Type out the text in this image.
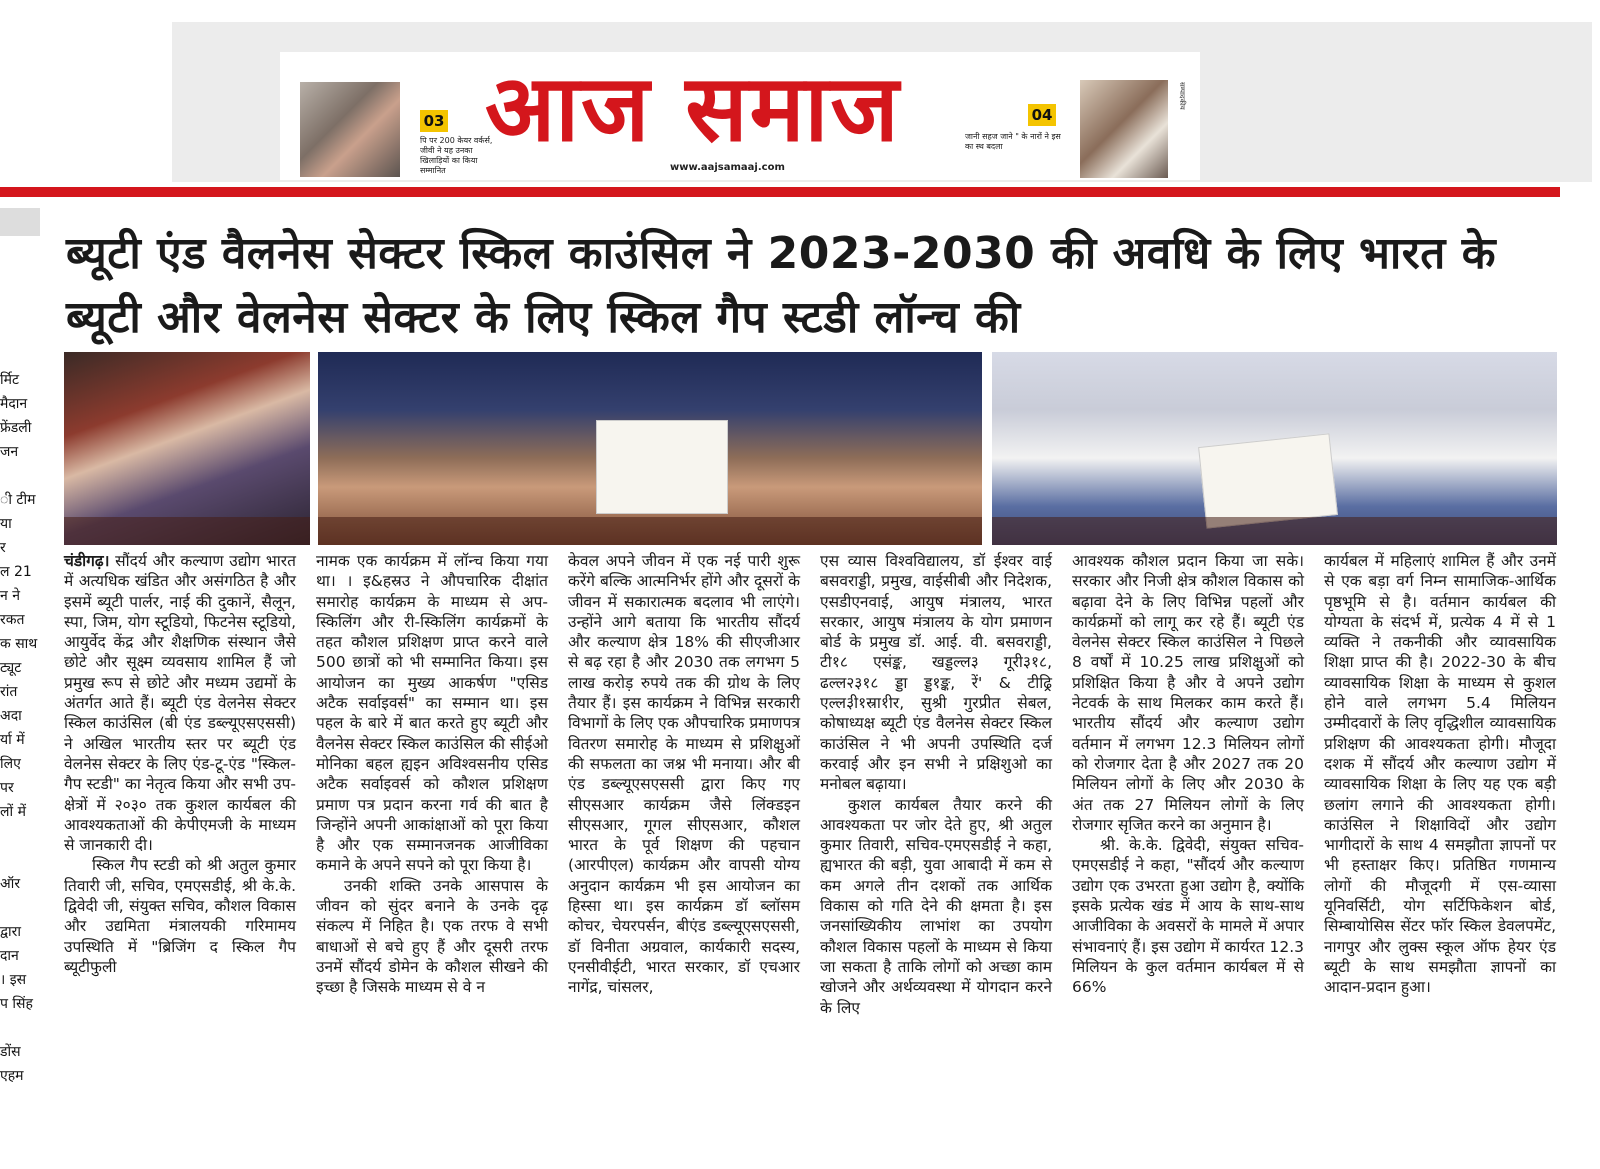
03
पि पर 200 केयर वर्कर्स, जीवी ने यह उनका खिलाड़ियों का किया सम्मानित
आज समाज
www.aajsamaaj.com
जानी सहज जाने " के नारों ने इस का स्थ बदला
04
सम्पादकीय
र्मिट
मैदान
फ्रेंडली
जन
ी टीम
या
र
ल 21
न ने
रकत
क साथ
ट्यूट
रांत
अदा
र्या में
लिए
पर
लों में
ऑर
द्वारा
दान
। इस
प सिंह
डोंस
एहम
ब्यूटी एंड वैलनेस सेक्टर स्किल काउंसिल ने 2023-2030 की अवधि के लिए भारत के ब्यूटी और वेलनेस सेक्टर के लिए स्किल गैप स्टडी लॉन्च की

चंडीगढ़। सौंदर्य और कल्याण उद्योग भारत में अत्यधिक खंडित और असंगठित है और इसमें ब्यूटी पार्लर, नाई की दुकानें, सैलून, स्पा, जिम, योग स्टूडियो, फिटनेस स्टूडियो, आयुर्वेद केंद्र और शैक्षणिक संस्थान जैसे छोटे और सूक्ष्म व्यवसाय शामिल हैं जो प्रमुख रूप से छोटे और मध्यम उद्यमों के अंतर्गत आते हैं। ब्यूटी एंड वेलनेस सेक्टर स्किल काउंसिल (बी एंड डब्ल्यूएसएससी) ने अखिल भारतीय स्तर पर ब्यूटी एंड वेलनेस सेक्टर के लिए एंड-टू-एंड "स्किल-गैप स्टडी" का नेतृत्व किया और सभी उप-क्षेत्रों में २०३० तक कुशल कार्यबल की आवश्यकताओं की केपीएमजी के माध्यम से जानकारी दी।

स्किल गैप स्टडी को श्री अतुल कुमार तिवारी जी, सचिव, एमएसडीई, श्री के.के. द्विवेदी जी, संयुक्त सचिव, कौशल विकास और उद्यमिता मंत्रालयकी गरिमामय उपस्थिति में "ब्रिजिंग द स्किल गैप ब्यूटीफुली

नामक एक कार्यक्रम में लॉन्च किया गया था। । इ&हस्रउ ने औपचारिक दीक्षांत समारोह कार्यक्रम के माध्यम से अप-स्किलिंग और री-स्किलिंग कार्यक्रमों के तहत कौशल प्रशिक्षण प्राप्त करने वाले 500 छात्रों को भी सम्मानित किया। इस आयोजन का मुख्य आकर्षण "एसिड अटैक सर्वाइवर्स" का सम्मान था। इस पहल के बारे में बात करते हुए ब्यूटी और वैलनेस सेक्टर स्किल काउंसिल की सीईओ मोनिका बहल ह्यइन अविश्वसनीय एसिड अटैक सर्वाइवर्स को कौशल प्रशिक्षण प्रमाण पत्र प्रदान करना गर्व की बात है जिन्होंने अपनी आकांक्षाओं को पूरा किया है और एक सम्मानजनक आजीविका कमाने के अपने सपने को पूरा किया है।

उनकी शक्ति उनके आसपास के जीवन को सुंदर बनाने के उनके दृढ़ संकल्प में निहित है। एक तरफ वे सभी बाधाओं से बचे हुए हैं और दूसरी तरफ उनमें सौंदर्य डोमेन के कौशल सीखने की इच्छा है जिसके माध्यम से वे न

केवल अपने जीवन में एक नई पारी शुरू करेंगे बल्कि आत्मनिर्भर होंगे और दूसरों के जीवन में सकारात्मक बदलाव भी लाएंगे। उन्होंने आगे बताया कि भारतीय सौंदर्य और कल्याण क्षेत्र 18% की सीएजीआर से बढ़ रहा है और 2030 तक लगभग 5 लाख करोड़ रुपये तक की ग्रोथ के लिए तैयार हैं। इस कार्यक्रम ने विभिन्न सरकारी विभागों के लिए एक औपचारिक प्रमाणपत्र वितरण समारोह के माध्यम से प्रशिक्षुओं की सफलता का जश्न भी मनाया। और बी एंड डब्ल्यूएसएससी द्वारा किए गए सीएसआर कार्यक्रम जैसे लिंक्डइन सीएसआर, गूगल सीएसआर, कौशल भारत के पूर्व शिक्षण की पहचान (आरपीएल) कार्यक्रम और वापसी योग्य अनुदान कार्यक्रम भी इस आयोजन का हिस्सा था। इस कार्यक्रम डॉ ब्लॉसम कोचर, चेयरपर्सन, बीएंड डब्ल्यूएसएससी, डॉ विनीता अग्रवाल, कार्यकारी सदस्य, एनसीवीईटी, भारत सरकार, डॉ एचआर नागेंद्र, चांसलर,

एस व्यास विश्वविद्यालय, डॉ ईश्वर वाई बसवराड्डी, प्रमुख, वाईसीबी और निदेशक, एसडीएनवाई, आयुष मंत्रालय, भारत सरकार, आयुष मंत्रालय के योग प्रमाणन बोर्ड के प्रमुख डॉ. आई. वी. बसवराड्डी, टी१८ एसंङ्क, खड्डल्ल३ गूरी३१८, ढल्ल२३१८ ड्डा ड्ड१ङ्क, रें' & टीढ्रि एल्ल३ी१स्रा१ीर, सुश्री गुरप्रीत सेबल, कोषाध्यक्ष ब्यूटी एंड वैलनेस सेक्टर स्किल काउंसिल ने भी अपनी उपस्थिति दर्ज करवाई और इन सभी ने प्रक्षिशुओ का मनोबल बढ़ाया।

कुशल कार्यबल तैयार करने की आवश्यकता पर जोर देते हुए, श्री अतुल कुमार तिवारी, सचिव-एमएसडीई ने कहा, ह्यभारत की बड़ी, युवा आबादी में कम से कम अगले तीन दशकों तक आर्थिक विकास को गति देने की क्षमता है। इस जनसांख्यिकीय लाभांश का उपयोग कौशल विकास पहलों के माध्यम से किया जा सकता है ताकि लोगों को अच्छा काम खोजने और अर्थव्यवस्था में योगदान करने के लिए

आवश्यक कौशल प्रदान किया जा सके। सरकार और निजी क्षेत्र कौशल विकास को बढ़ावा देने के लिए विभिन्न पहलों और कार्यक्रमों को लागू कर रहे हैं। ब्यूटी एंड वेलनेस सेक्टर स्किल काउंसिल ने पिछले 8 वर्षों में 10.25 लाख प्रशिक्षुओं को प्रशिक्षित किया है और वे अपने उद्योग नेटवर्क के साथ मिलकर काम करते हैं। भारतीय सौंदर्य और कल्याण उद्योग वर्तमान में लगभग 12.3 मिलियन लोगों को रोजगार देता है और 2027 तक 20 मिलियन लोगों के लिए और 2030 के अंत तक 27 मिलियन लोगों के लिए रोजगार सृजित करने का अनुमान है।

श्री. के.के. द्विवेदी, संयुक्त सचिव-एमएसडीई ने कहा, "सौंदर्य और कल्याण उद्योग एक उभरता हुआ उद्योग है, क्योंकि इसके प्रत्येक खंड में आय के साथ-साथ आजीविका के अवसरों के मामले में अपार संभावनाएं हैं। इस उद्योग में कार्यरत 12.3 मिलियन के कुल वर्तमान कार्यबल में से 66%

कार्यबल में महिलाएं शामिल हैं और उनमें से एक बड़ा वर्ग निम्न सामाजिक-आर्थिक पृष्ठभूमि से है। वर्तमान कार्यबल की योग्यता के संदर्भ में, प्रत्येक 4 में से 1 व्यक्ति ने तकनीकी और व्यावसायिक शिक्षा प्राप्त की है। 2022-30 के बीच व्यावसायिक शिक्षा के माध्यम से कुशल होने वाले लगभग 5.4 मिलियन उम्मीदवारों के लिए वृद्धिशील व्यावसायिक प्रशिक्षण की आवश्यकता होगी। मौजूदा दशक में सौंदर्य और कल्याण उद्योग में व्यावसायिक शिक्षा के लिए यह एक बड़ी छलांग लगाने की आवश्यकता होगी। काउंसिल ने शिक्षाविदों और उद्योग भागीदारों के साथ 4 समझौता ज्ञापनों पर भी हस्ताक्षर किए। प्रतिष्ठित गणमान्य लोगों की मौजूदगी में एस-व्यासा यूनिवर्सिटी, योग सर्टिफिकेशन बोर्ड, सिम्बायोसिस सेंटर फॉर स्किल डेवलपमेंट, नागपुर और लुक्स स्कूल ऑफ हेयर एंड ब्यूटी के साथ समझौता ज्ञापनों का आदान-प्रदान हुआ।
